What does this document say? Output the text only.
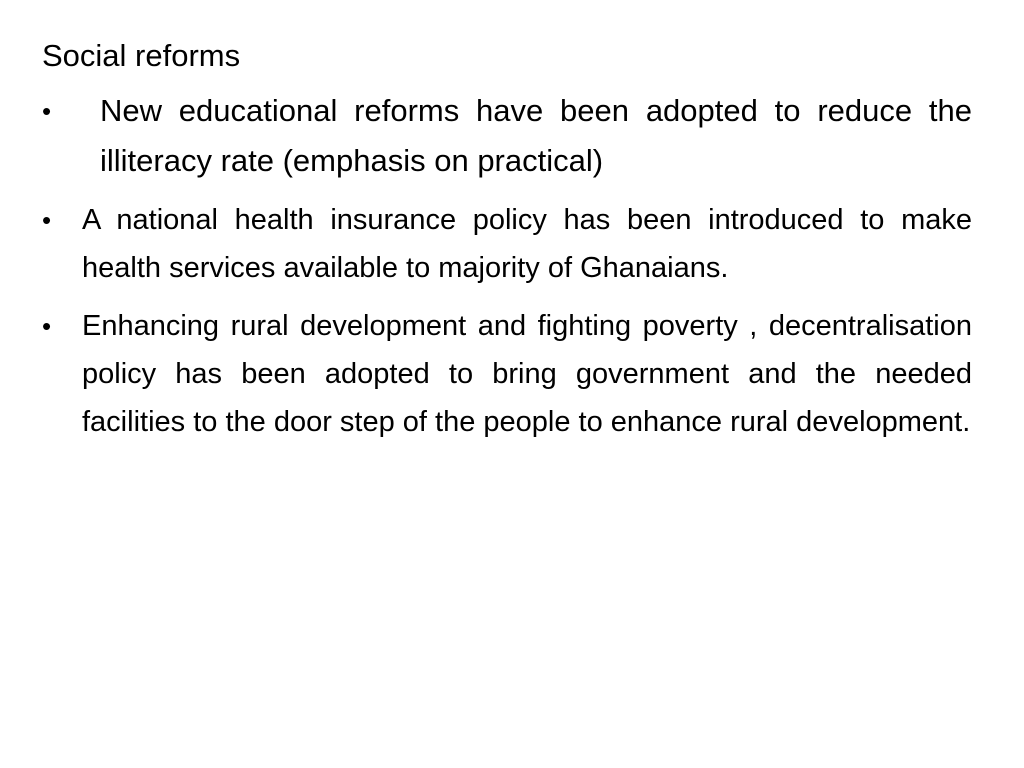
Social reforms
• New educational reforms have been adopted to reduce the illiteracy rate (emphasis on practical)

• A national health insurance policy has been introduced to make health services available to majority of Ghanaians.

• Enhancing rural development and fighting poverty , decentralisation policy has been adopted to bring government and the needed facilities to the door step of the people to enhance rural development.
